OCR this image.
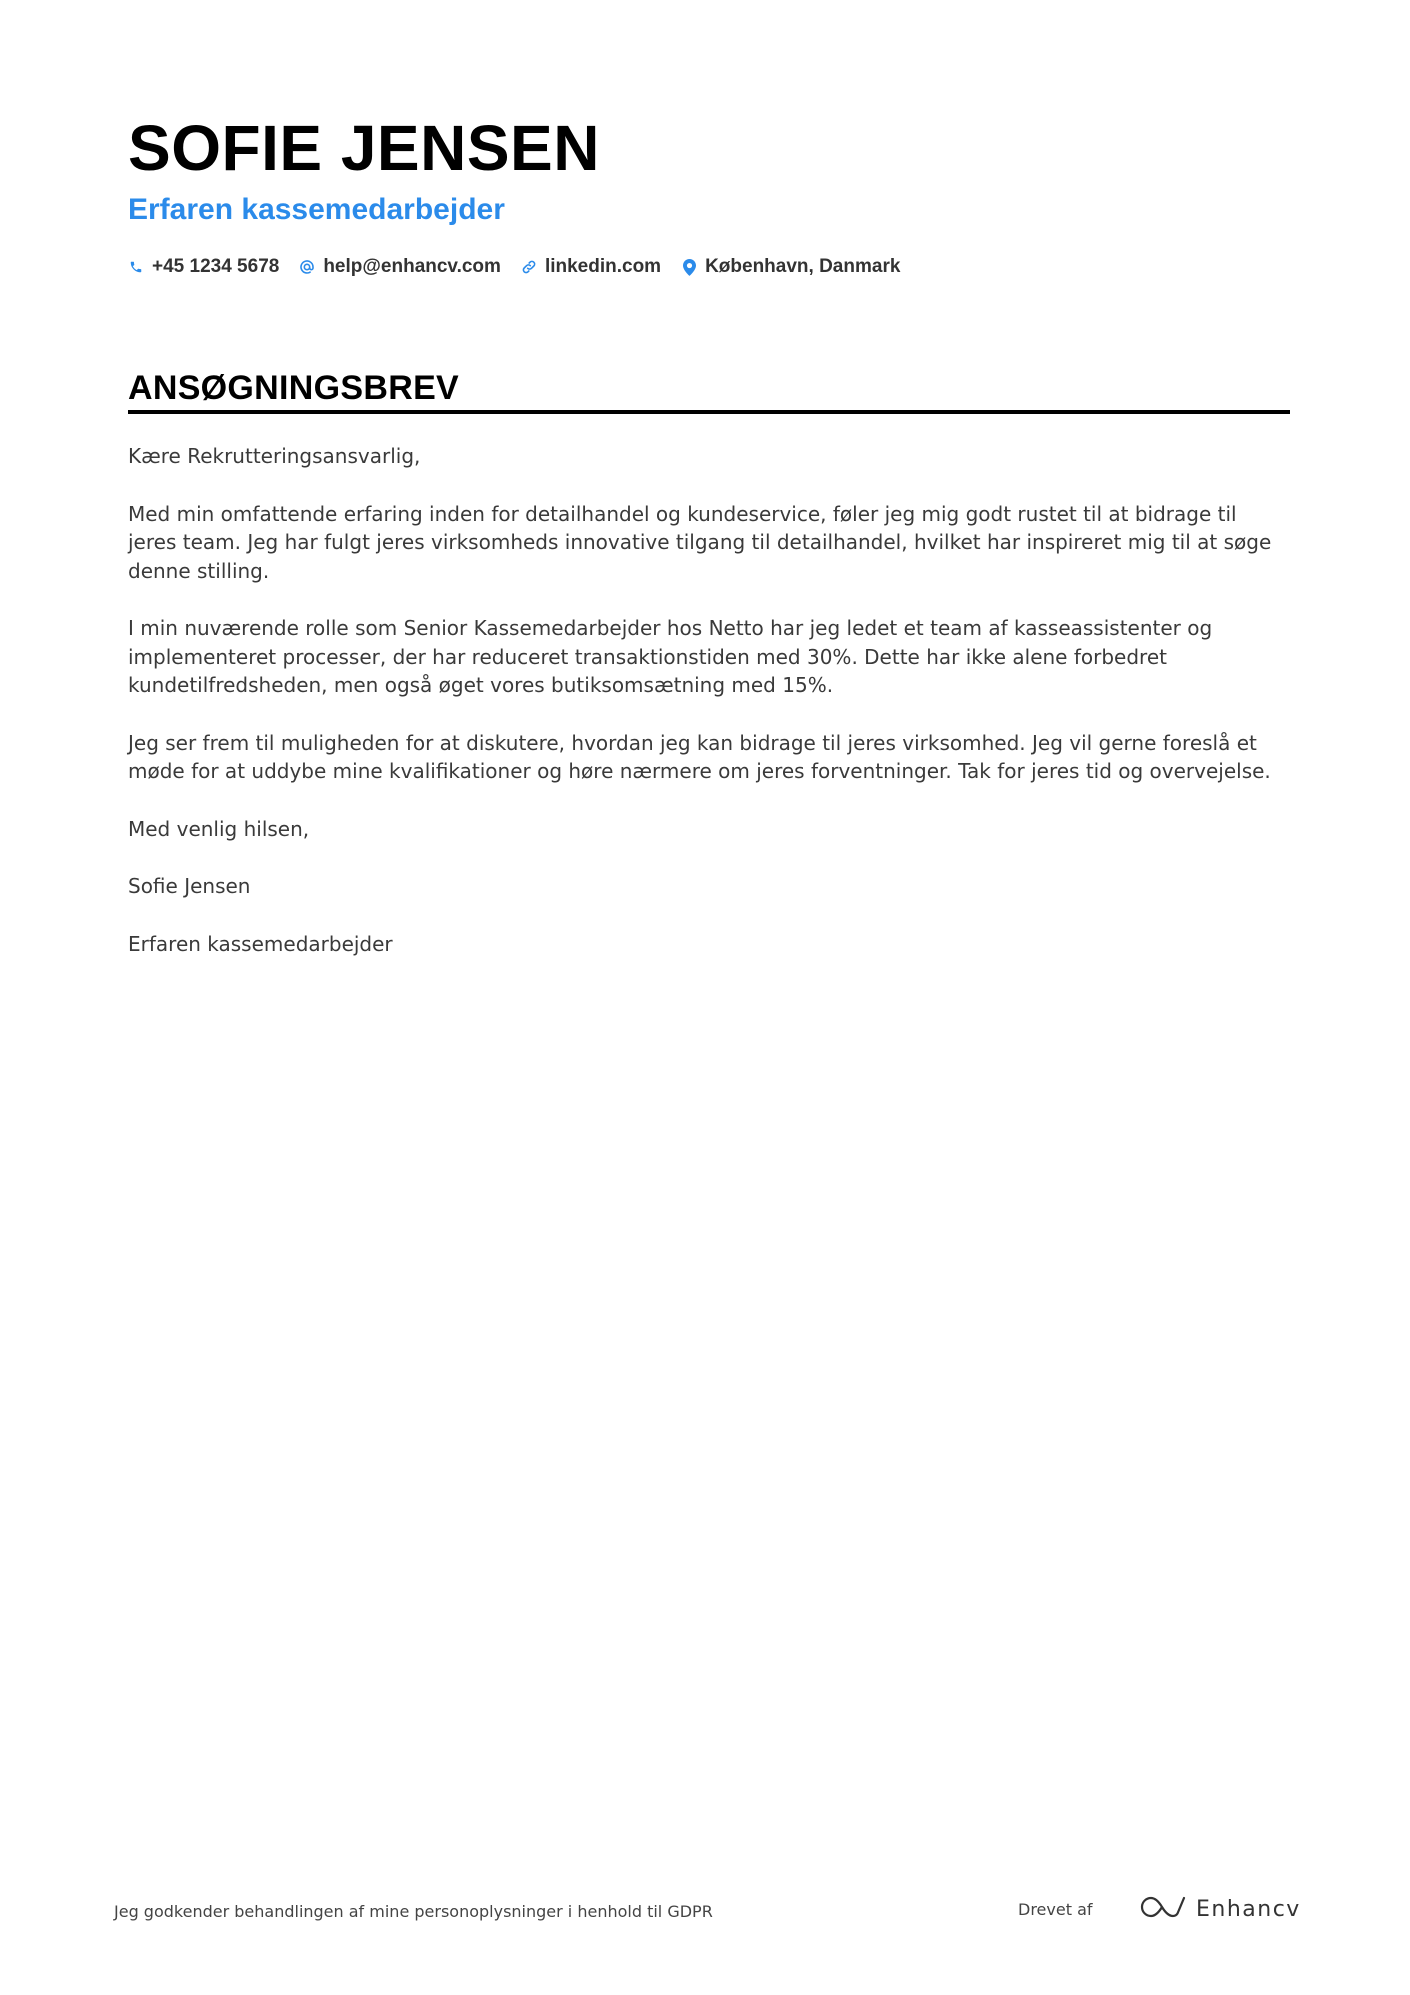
SOFIE JENSEN
Erfaren kassemedarbejder
+45 1234 5678 help@enhancv.com linkedin.com København, Danmark
ANSØGNINGSBREV

Kære Rekrutteringsansvarlig,

Med min omfattende erfaring inden for detailhandel og kundeservice, føler jeg mig godt rustet til at bidrage til jeres team. Jeg har fulgt jeres virksomheds innovative tilgang til detailhandel, hvilket har inspireret mig til at søge denne stilling.

I min nuværende rolle som Senior Kassemedarbejder hos Netto har jeg ledet et team af kasseassistenter og implementeret processer, der har reduceret transaktionstiden med 30%. Dette har ikke alene forbedret kundetilfredsheden, men også øget vores butiksomsætning med 15%.

Jeg ser frem til muligheden for at diskutere, hvordan jeg kan bidrage til jeres virksomhed. Jeg vil gerne foreslå et møde for at uddybe mine kvalifikationer og høre nærmere om jeres forventninger. Tak for jeres tid og overvejelse.

Med venlig hilsen,

Sofie Jensen

Erfaren kassemedarbejder

Jeg godkender behandlingen af mine personoplysninger i henhold til GDPR	Drevet af	Enhancv
